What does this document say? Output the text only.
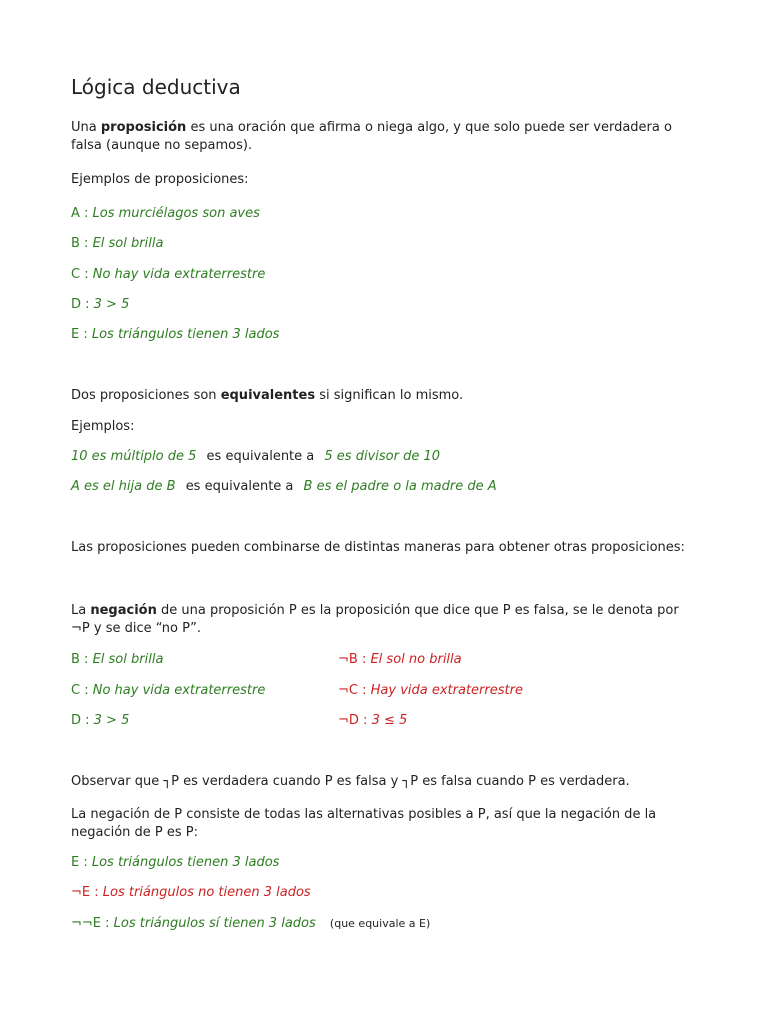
Lógica deductiva
Una proposición es una oración que afirma o niega algo, y que solo puede ser verdadera o falsa (aunque no sepamos).
Ejemplos de proposiciones:
A : Los murciélagos son aves
B : El sol brilla
C : No hay vida extraterrestre
D : 3 > 5
E : Los triángulos tienen 3 lados
Dos proposiciones son equivalentes si significan lo mismo.
Ejemplos:
10 es múltiplo de 5 es equivalente a 5 es divisor de 10
A es el hija de B es equivalente a B es el padre o la madre de A
Las proposiciones pueden combinarse de distintas maneras para obtener otras proposiciones:
La negación de una proposición P es la proposición que dice que P es falsa, se le denota por ¬P y se dice “no P”.
B : El sol brilla	¬B : El sol no brilla
C : No hay vida extraterrestre	¬C : Hay vida extraterrestre
D : 3 > 5	¬D : 3 ≤ 5
Observar que ┐P es verdadera cuando P es falsa y ┐P es falsa cuando P es verdadera.
La negación de P consiste de todas las alternativas posibles a P, así que la negación de la negación de P es P:
E : Los triángulos tienen 3 lados
¬E : Los triángulos no tienen 3 lados
¬¬E : Los triángulos sí tienen 3 lados (que equivale a E)
